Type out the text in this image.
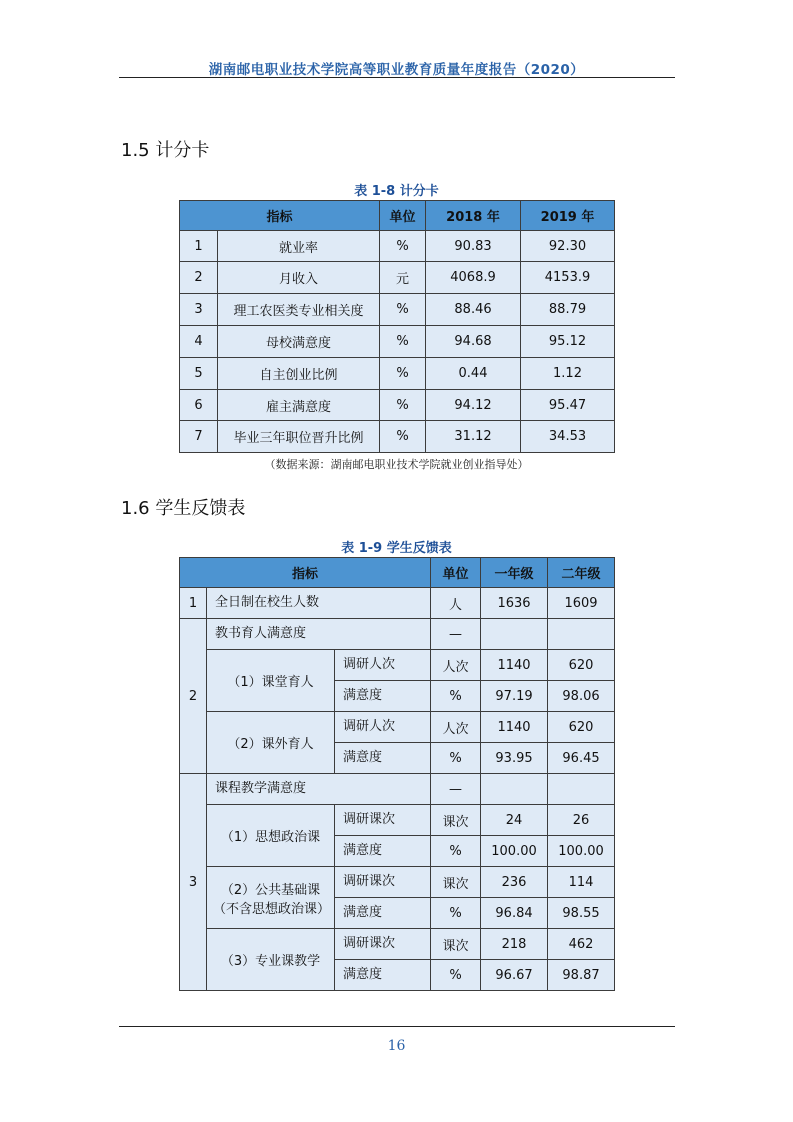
湖南邮电职业技术学院高等职业教育质量年度报告（2020）
1.5 计分卡
表 1-8 计分卡
指标		单位	2018 年	2019 年
1	就业率	%	90.83	92.30
2	月收入	元	4068.9	4153.9
3	理工农医类专业相关度	%	88.46	88.79
4	母校满意度	%	94.68	95.12
5	自主创业比例	%	0.44	1.12
6	雇主满意度	%	94.12	95.47
7	毕业三年职位晋升比例	%	31.12	34.53
（数据来源：湖南邮电职业技术学院就业创业指导处）
1.6 学生反馈表
表 1-9 学生反馈表
指标			单位	一年级	二年级
1	全日制在校生人数		人	1636	1609
2	教书育人满意度		—		
	（1）课堂育人	调研人次	人次	1140	620
		满意度	%	97.19	98.06
	（2）课外育人	调研人次	人次	1140	620
		满意度	%	93.95	96.45
3	课程教学满意度		—		
	（1）思想政治课	调研课次	课次	24	26
		满意度	%	100.00	100.00
	（2）公共基础课（不含思想政治课）	调研课次	课次	236	114
		满意度	%	96.84	98.55
	（3）专业课教学	调研课次	课次	218	462
		满意度	%	96.67	98.87
16
